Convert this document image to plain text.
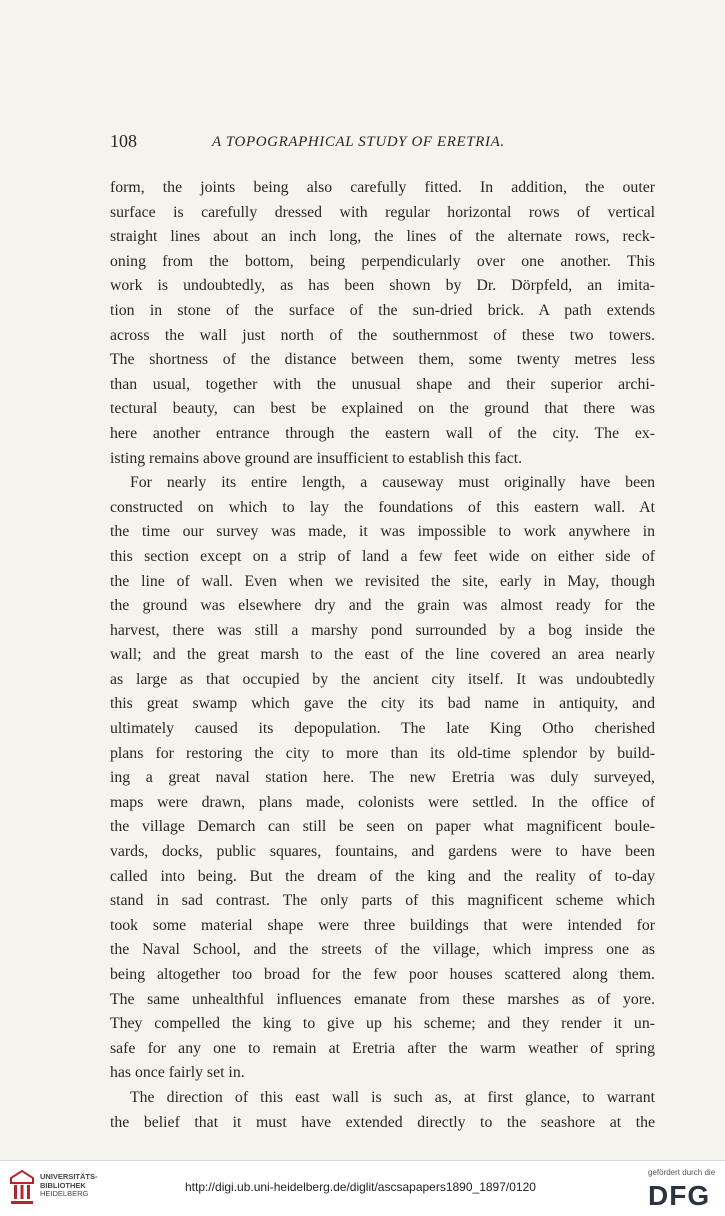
108	A TOPOGRAPHICAL STUDY OF ERETRIA.
form, the joints being also carefully fitted. In addition, the outer
surface is carefully dressed with regular horizontal rows of vertical
straight lines about an inch long, the lines of the alternate rows, reck-
oning from the bottom, being perpendicularly over one another. This
work is undoubtedly, as has been shown by Dr. Dörpfeld, an imita-
tion in stone of the surface of the sun-dried brick. A path extends
across the wall just north of the southernmost of these two towers.
The shortness of the distance between them, some twenty metres less
than usual, together with the unusual shape and their superior archi-
tectural beauty, can best be explained on the ground that there was
here another entrance through the eastern wall of the city. The ex-
isting remains above ground are insufficient to establish this fact.
For nearly its entire length, a causeway must originally have been
constructed on which to lay the foundations of this eastern wall. At
the time our survey was made, it was impossible to work anywhere in
this section except on a strip of land a few feet wide on either side of
the line of wall. Even when we revisited the site, early in May, though
the ground was elsewhere dry and the grain was almost ready for the
harvest, there was still a marshy pond surrounded by a bog inside the
wall; and the great marsh to the east of the line covered an area nearly
as large as that occupied by the ancient city itself. It was undoubtedly
this great swamp which gave the city its bad name in antiquity, and
ultimately caused its depopulation. The late King Otho cherished
plans for restoring the city to more than its old-time splendor by build-
ing a great naval station here. The new Eretria was duly surveyed,
maps were drawn, plans made, colonists were settled. In the office of
the village Demarch can still be seen on paper what magnificent boule-
vards, docks, public squares, fountains, and gardens were to have been
called into being. But the dream of the king and the reality of to-day
stand in sad contrast. The only parts of this magnificent scheme which
took some material shape were three buildings that were intended for
the Naval School, and the streets of the village, which impress one as
being altogether too broad for the few poor houses scattered along them.
The same unhealthful influences emanate from these marshes as of yore.
They compelled the king to give up his scheme; and they render it un-
safe for any one to remain at Eretria after the warm weather of spring
has once fairly set in.
The direction of this east wall is such as, at first glance, to warrant
the belief that it must have extended directly to the seashore at the
UNIVERSITÄTS-
BIBLIOTHEK
HEIDELBERG	http://digi.ub.uni-heidelberg.de/diglit/ascsapapers1890_1897/0120
gefördert durch die
DFG
